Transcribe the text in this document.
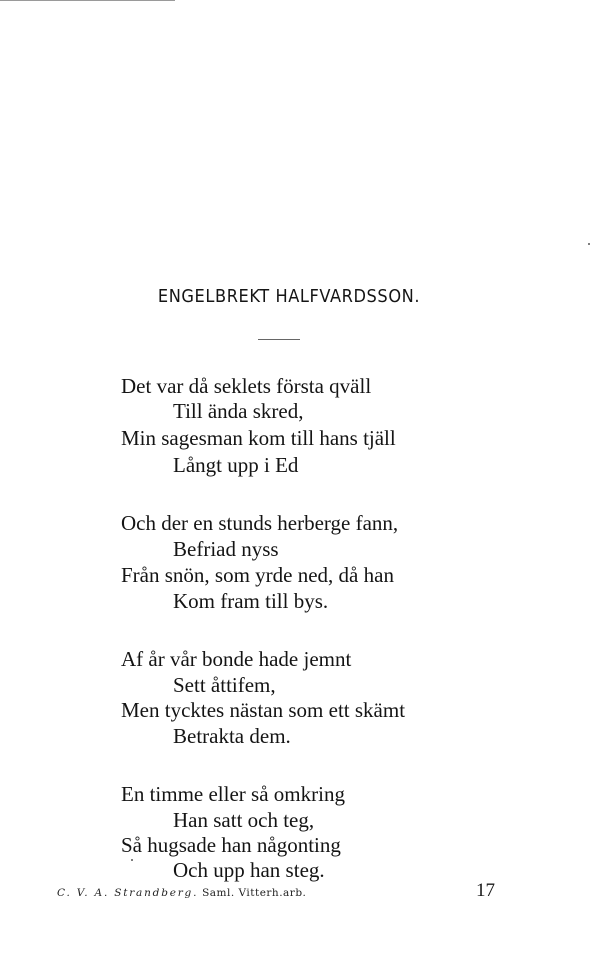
ENGELBREKT HALFVARDSSON.
Det var då seklets första qväll
Till ända skred,
Min sagesman kom till hans tjäll
Långt upp i Ed
Och der en stunds herberge fann,
Befriad nyss
Från snön, som yrde ned, då han
Kom fram till bys.
Af år vår bonde hade jemnt
Sett åttifem,
Men tycktes nästan som ett skämt
Betrakta dem.
En timme eller så omkring
Han satt och teg,
Så hugsade han någonting
Och upp han steg.
C. V. A. Strandberg. Saml. Vitterh.arb.	17
